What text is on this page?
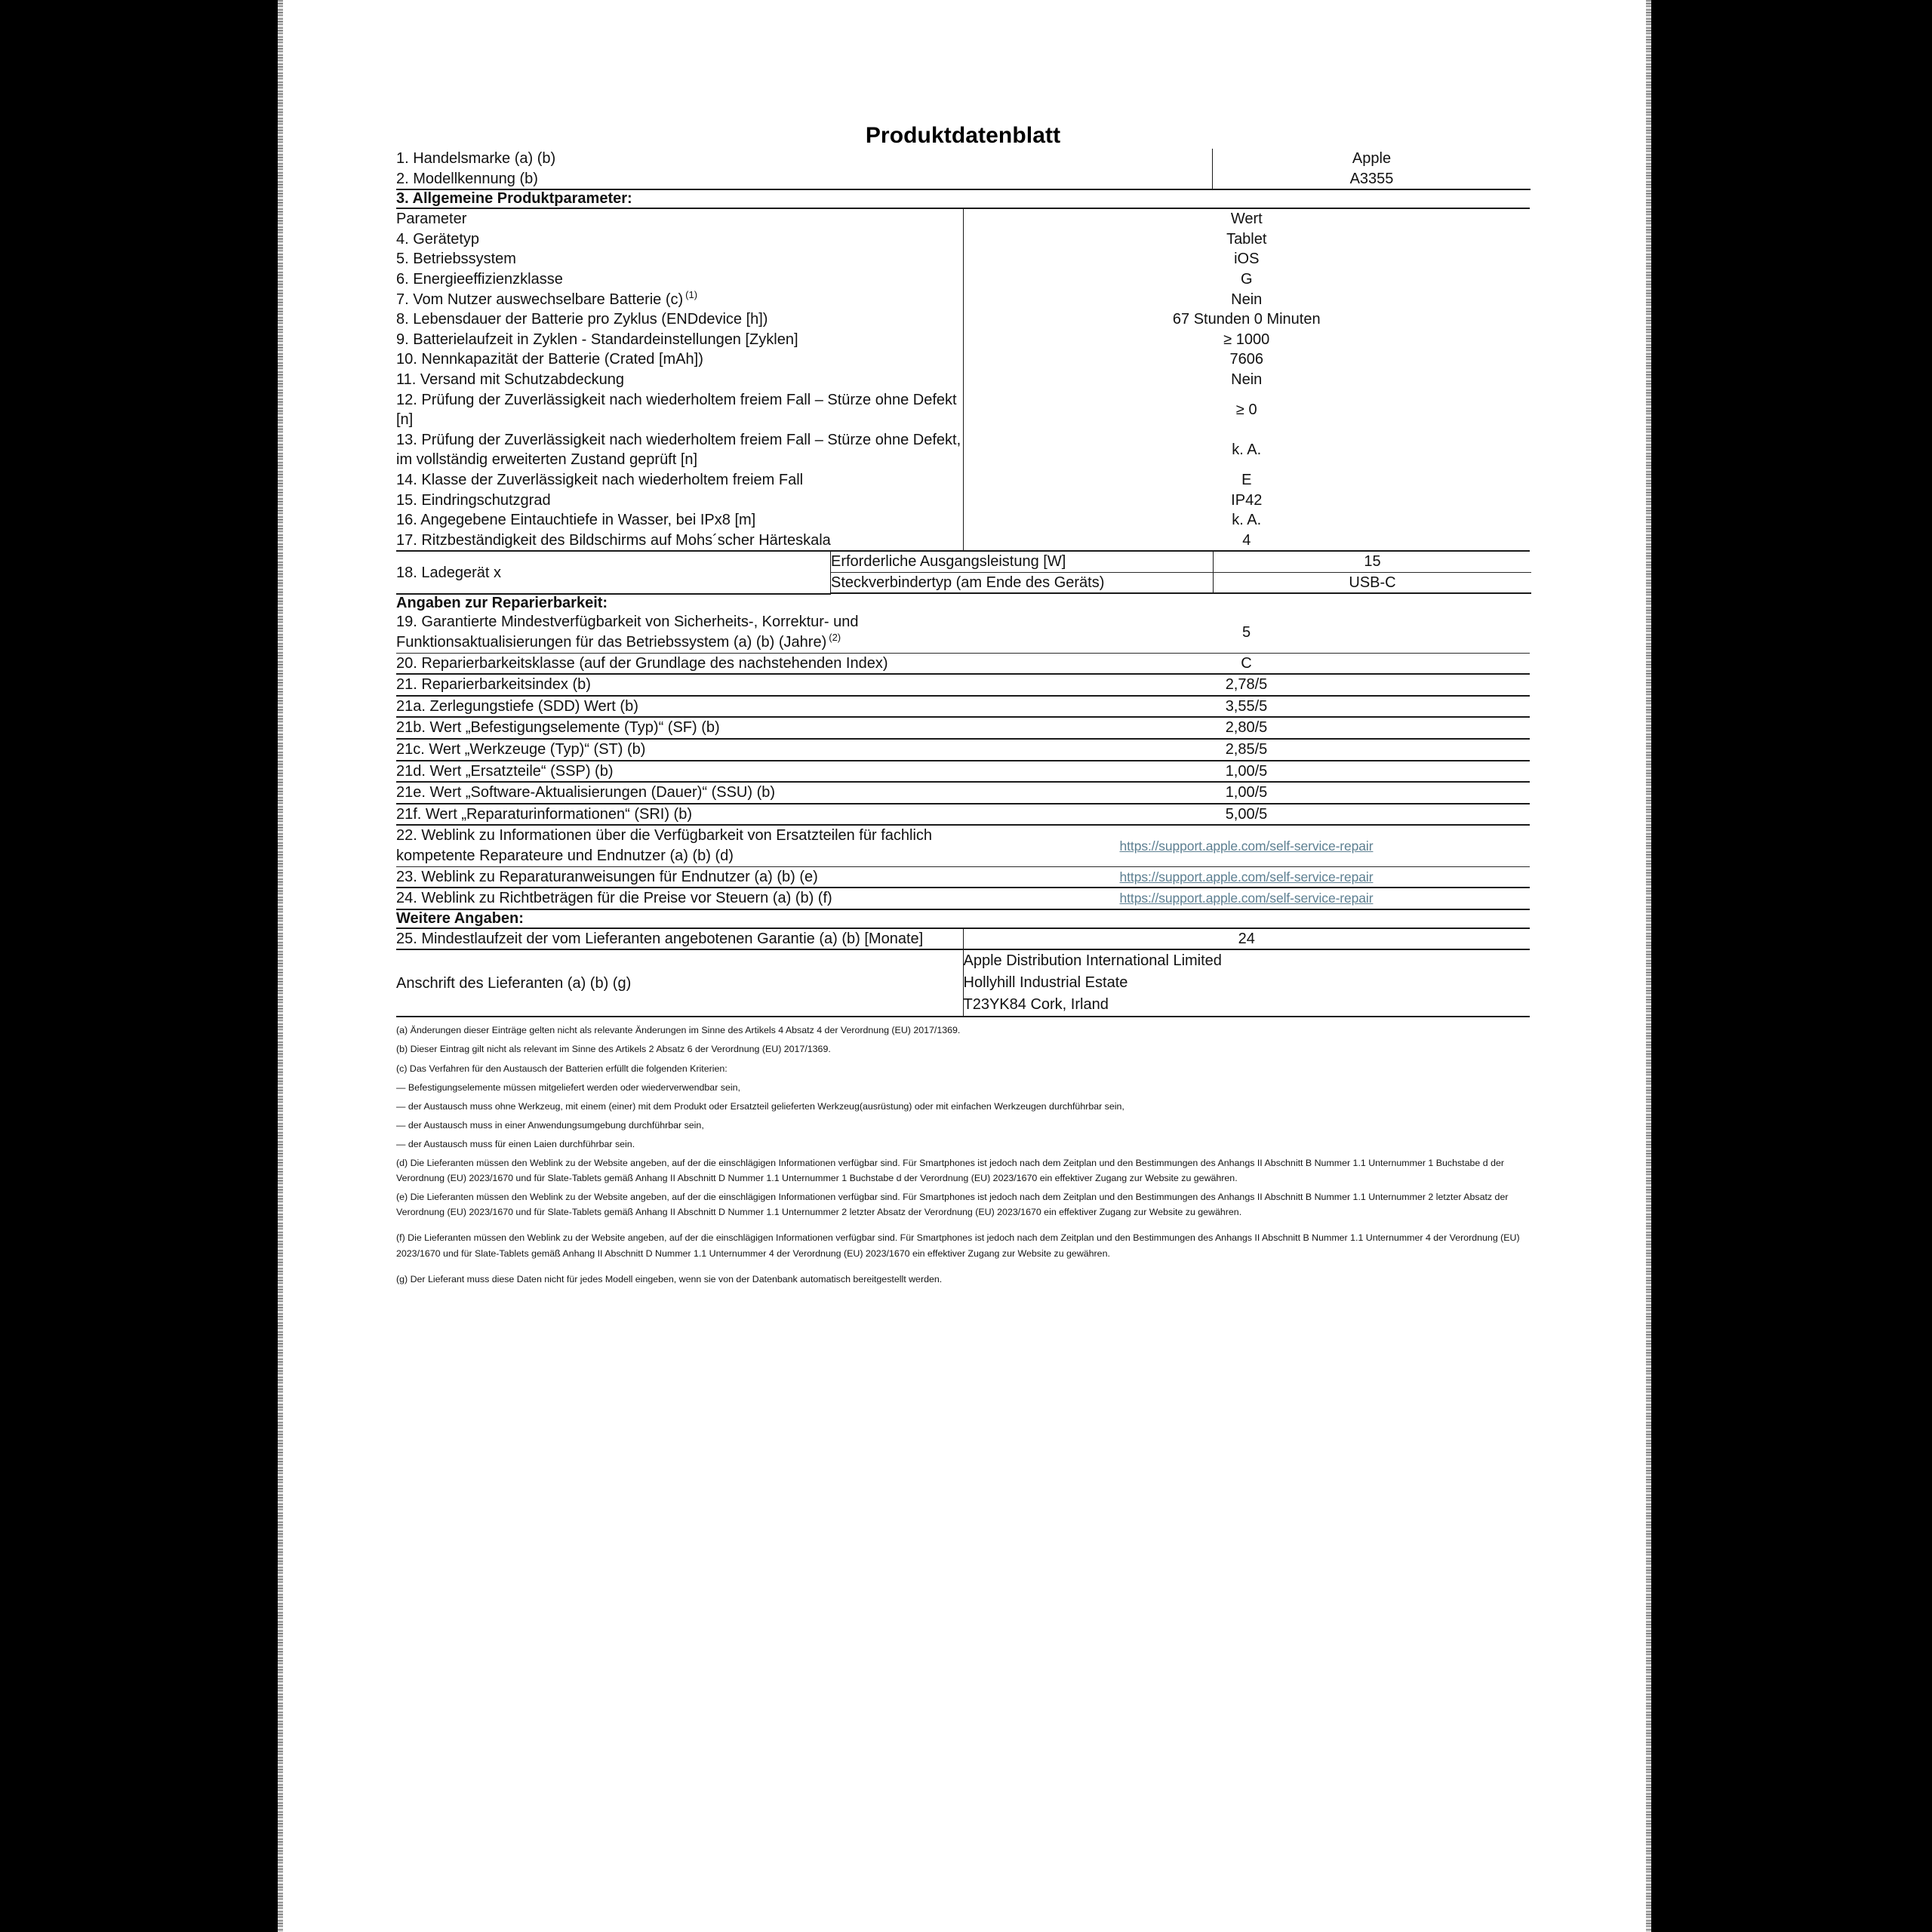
Produktdatenblatt
1. Handelsmarke (a) (b)	Apple
2. Modellkennung (b)	A3355
3. Allgemeine Produktparameter:	
Parameter	Wert
4. Gerätetyp	Tablet
5. Betriebssystem	iOS
6. Energieeffizienzklasse	G
7. Vom Nutzer auswechselbare Batterie (c) $^{(1)}$	Nein
8. Lebensdauer der Batterie pro Zyklus (ENDdevice [h])	67 Stunden 0 Minuten
9. Batterielaufzeit in Zyklen - Standardeinstellungen [Zyklen]	≥ 1000
10. Nennkapazität der Batterie (Crated [mAh])	7606
11. Versand mit Schutzabdeckung	Nein
12. Prüfung der Zuverlässigkeit nach wiederholtem freiem Fall – Stürze ohne Defekt [n]	≥ 0
13. Prüfung der Zuverlässigkeit nach wiederholtem freiem Fall – Stürze ohne Defekt, im vollständig erweiterten Zustand geprüft [n]	k. A.
14. Klasse der Zuverlässigkeit nach wiederholtem freiem Fall	E
15. Eindringschutzgrad	IP42
16. Angegebene Eintauchtiefe in Wasser, bei IPx8 [m]	k. A.
17. Ritzbeständigkeit des Bildschirms auf Mohs´scher Härteskala	4
18. Ladegerät x	Erforderliche Ausgangsleistung [W]	15
	Steckverbindertyp (am Ende des Geräts)	USB-C

Angaben zur Reparierbarkeit:	
19. Garantierte Mindestverfügbarkeit von Sicherheits-, Korrektur- und Funktionsaktualisierungen für das Betriebssystem (a) (b) (Jahre) $^{(2)}$	5
20. Reparierbarkeitsklasse (auf der Grundlage des nachstehenden Index)	C
21. Reparierbarkeitsindex (b)	2,78/5
21a. Zerlegungstiefe (SDD) Wert (b)	3,55/5
21b. Wert „Befestigungselemente (Typ)“ (SF) (b)	2,80/5
21c. Wert „Werkzeuge (Typ)“ (ST) (b)	2,85/5
21d. Wert „Ersatzteile“ (SSP) (b)	1,00/5
21e. Wert „Software-Aktualisierungen (Dauer)“ (SSU) (b)	1,00/5
21f. Wert „Reparaturinformationen“ (SRI) (b)	5,00/5
22. Weblink zu Informationen über die Verfügbarkeit von Ersatzteilen für fachlich kompetente Reparateure und Endnutzer (a) (b) (d)	https://support.apple.com/self-service-repair
23. Weblink zu Reparaturanweisungen für Endnutzer (a) (b) (e)	https://support.apple.com/self-service-repair
24. Weblink zu Richtbeträgen für die Preise vor Steuern (a) (b) (f)	https://support.apple.com/self-service-repair
Weitere Angaben:	
25. Mindestlaufzeit der vom Lieferanten angebotenen Garantie (a) (b) [Monate]	24
Anschrift des Lieferanten (a) (b) (g)	Apple Distribution International Limited
Hollyhill Industrial Estate
T23YK84 Cork, Irland

(a) Änderungen dieser Einträge gelten nicht als relevante Änderungen im Sinne des Artikels 4 Absatz 4 der Verordnung (EU) 2017/1369.

(b) Dieser Eintrag gilt nicht als relevant im Sinne des Artikels 2 Absatz 6 der Verordnung (EU) 2017/1369.

(c) Das Verfahren für den Austausch der Batterien erfüllt die folgenden Kriterien:

— Befestigungselemente müssen mitgeliefert werden oder wiederverwendbar sein,

— der Austausch muss ohne Werkzeug, mit einem (einer) mit dem Produkt oder Ersatzteil gelieferten Werkzeug(ausrüstung) oder mit einfachen Werkzeugen durchführbar sein,

— der Austausch muss in einer Anwendungsumgebung durchführbar sein,

— der Austausch muss für einen Laien durchführbar sein.

(d) Die Lieferanten müssen den Weblink zu der Website angeben, auf der die einschlägigen Informationen verfügbar sind. Für Smartphones ist jedoch nach dem Zeitplan und den Bestimmungen des Anhangs II Abschnitt B Nummer 1.1 Unternummer 1 Buchstabe d der Verordnung (EU) 2023/1670 und für Slate-Tablets gemäß Anhang II Abschnitt D Nummer 1.1 Unternummer 1 Buchstabe d der Verordnung (EU) 2023/1670 ein effektiver Zugang zur Website zu gewähren.

(e) Die Lieferanten müssen den Weblink zu der Website angeben, auf der die einschlägigen Informationen verfügbar sind. Für Smartphones ist jedoch nach dem Zeitplan und den Bestimmungen des Anhangs II Abschnitt B Nummer 1.1 Unternummer 2 letzter Absatz der Verordnung (EU) 2023/1670 und für Slate-Tablets gemäß Anhang II Abschnitt D Nummer 1.1 Unternummer 2 letzter Absatz der Verordnung (EU) 2023/1670 ein effektiver Zugang zur Website zu gewähren.

(f) Die Lieferanten müssen den Weblink zu der Website angeben, auf der die einschlägigen Informationen verfügbar sind. Für Smartphones ist jedoch nach dem Zeitplan und den Bestimmungen des Anhangs II Abschnitt B Nummer 1.1 Unternummer 4 der Verordnung (EU) 2023/1670 und für Slate-Tablets gemäß Anhang II Abschnitt D Nummer 1.1 Unternummer 4 der Verordnung (EU) 2023/1670 ein effektiver Zugang zur Website zu gewähren.

(g) Der Lieferant muss diese Daten nicht für jedes Modell eingeben, wenn sie von der Datenbank automatisch bereitgestellt werden.
